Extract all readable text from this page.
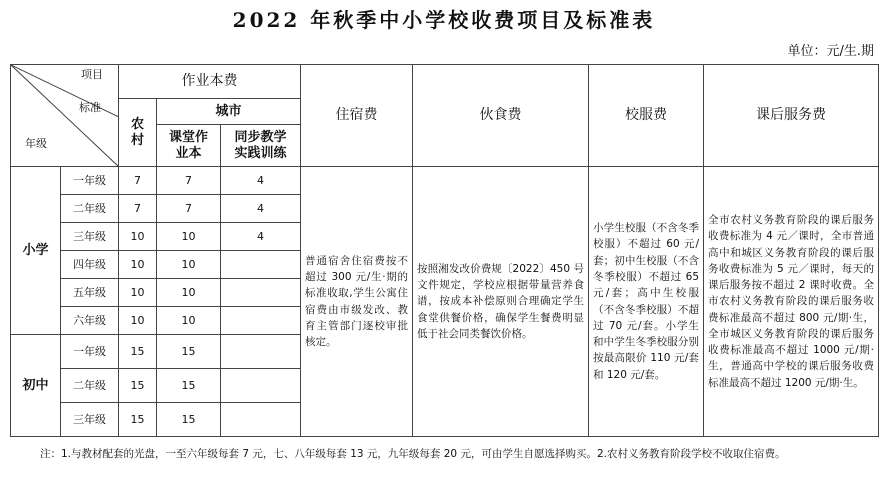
2022 年秋季中小学校收费项目及标准表
单位：元/生.期
项目
标准
年级		作业本费			住宿费	伙食费	校服费	课后服务费
		农村	城市					
			课堂作业本	同步教学实践训练				
小学	一年级	7	7	4	普通宿舍住宿费按不超过 300 元/生·期的标准收取,学生公寓住宿费由市级发改、教育主管部门逐校审批核定。	按照湘发改价费规〔2022〕450 号文件规定，学校应根据带量营养食谱，按成本补偿原则合理确定学生食堂供餐价格，确保学生餐费明显低于社会同类餐饮价格。	小学生校服（不含冬季校服）不超过 60 元/套；初中生校服（不含冬季校服）不超过 65 元/套；高中生校服（不含冬季校服）不超过 70 元/套。小学生和中学生冬季校服分别按最高限价 110 元/套和 120 元/套。	全市农村义务教育阶段的课后服务收费标准为 4 元／课时，全市普通高中和城区义务教育阶段的课后服务收费标准为 5 元／课时，每天的课后服务按不超过 2 课时收费。全市农村义务教育阶段的课后服务收费标准最高不超过 800 元/期·生，全市城区义务教育阶段的课后服务收费标准最高不超过 1000 元/期·生，普通高中学校的课后服务收费标准最高不超过 1200 元/期·生。
	二年级	7	7	4				
	三年级	10	10	4				
	四年级	10	10					
	五年级	10	10					
	六年级	10	10					
初中	一年级	15	15					
	二年级	15	15					
	三年级	15	15					
注：1.与教材配套的光盘，一至六年级每套 7 元，七、八年级每套 13 元，九年级每套 20 元，可由学生自愿选择购买。2.农村义务教育阶段学校不收取住宿费。
